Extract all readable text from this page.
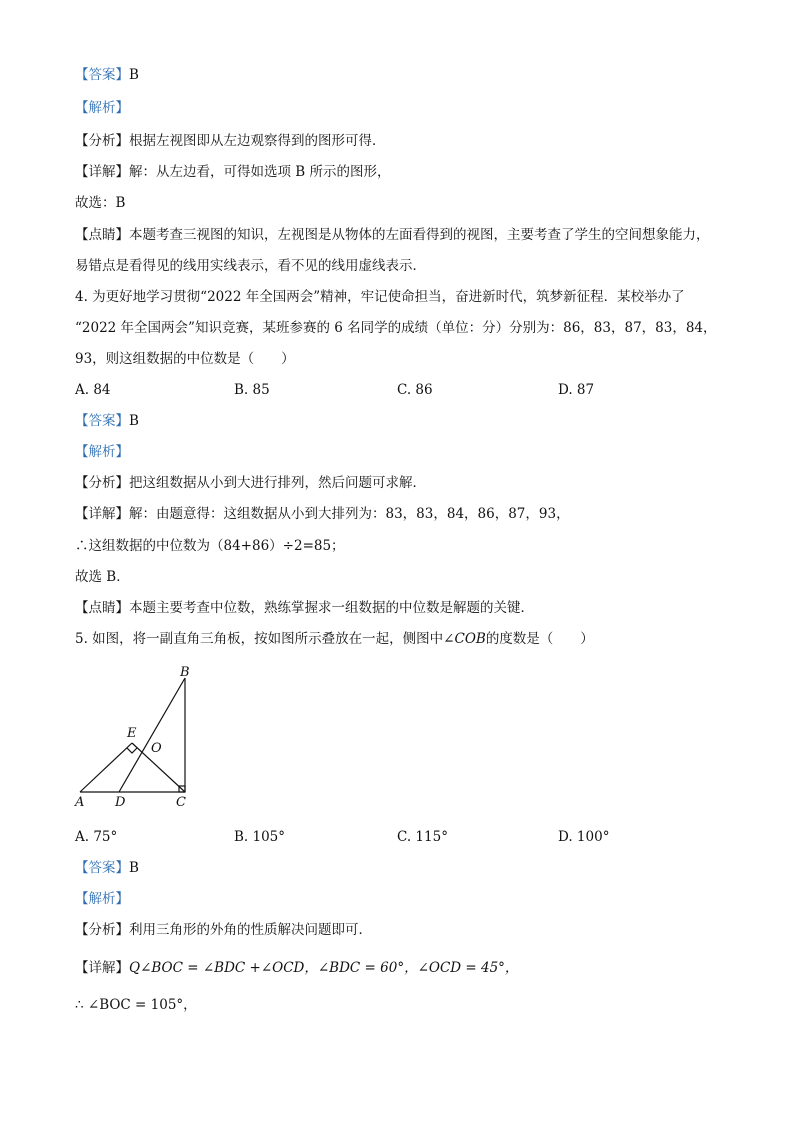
【答案】B
【解析】
【分析】根据左视图即从左边观察得到的图形可得．
【详解】解：从左边看，可得如选项 B 所示的图形，
故选：B
【点睛】本题考查三视图的知识，左视图是从物体的左面看得到的视图，主要考查了学生的空间想象能力，
易错点是看得见的线用实线表示，看不见的线用虚线表示．
4. 为更好地学习贯彻“2022 年全国两会”精神，牢记使命担当，奋进新时代，筑梦新征程．某校举办了
“2022 年全国两会”知识竞赛，某班参赛的 6 名同学的成绩（单位：分）分别为：86，83，87，83，84，
93，则这组数据的中位数是（　　）
A. 84	B. 85	C. 86	D. 87
【答案】B
【解析】
【分析】把这组数据从小到大进行排列，然后问题可求解．
【详解】解：由题意得：这组数据从小到大排列为：83，83，84，86，87，93，
∴这组数据的中位数为（84+86）÷2=85；
故选 B．
【点睛】本题主要考查中位数，熟练掌握求一组数据的中位数是解题的关键．
5. 如图，将一副直角三角板，按如图所示叠放在一起，侧图中∠COB的度数是（　　）
B
E
O
A D	C
A. 75°	B. 105°	C. 115°	D. 100°
【答案】B
【解析】
【分析】利用三角形的外角的性质解决问题即可．
【详解】Q∠BOC = ∠BDC +∠OCD，∠BDC = 60°，∠OCD = 45°，
∴ ∠BOC = 105°，
